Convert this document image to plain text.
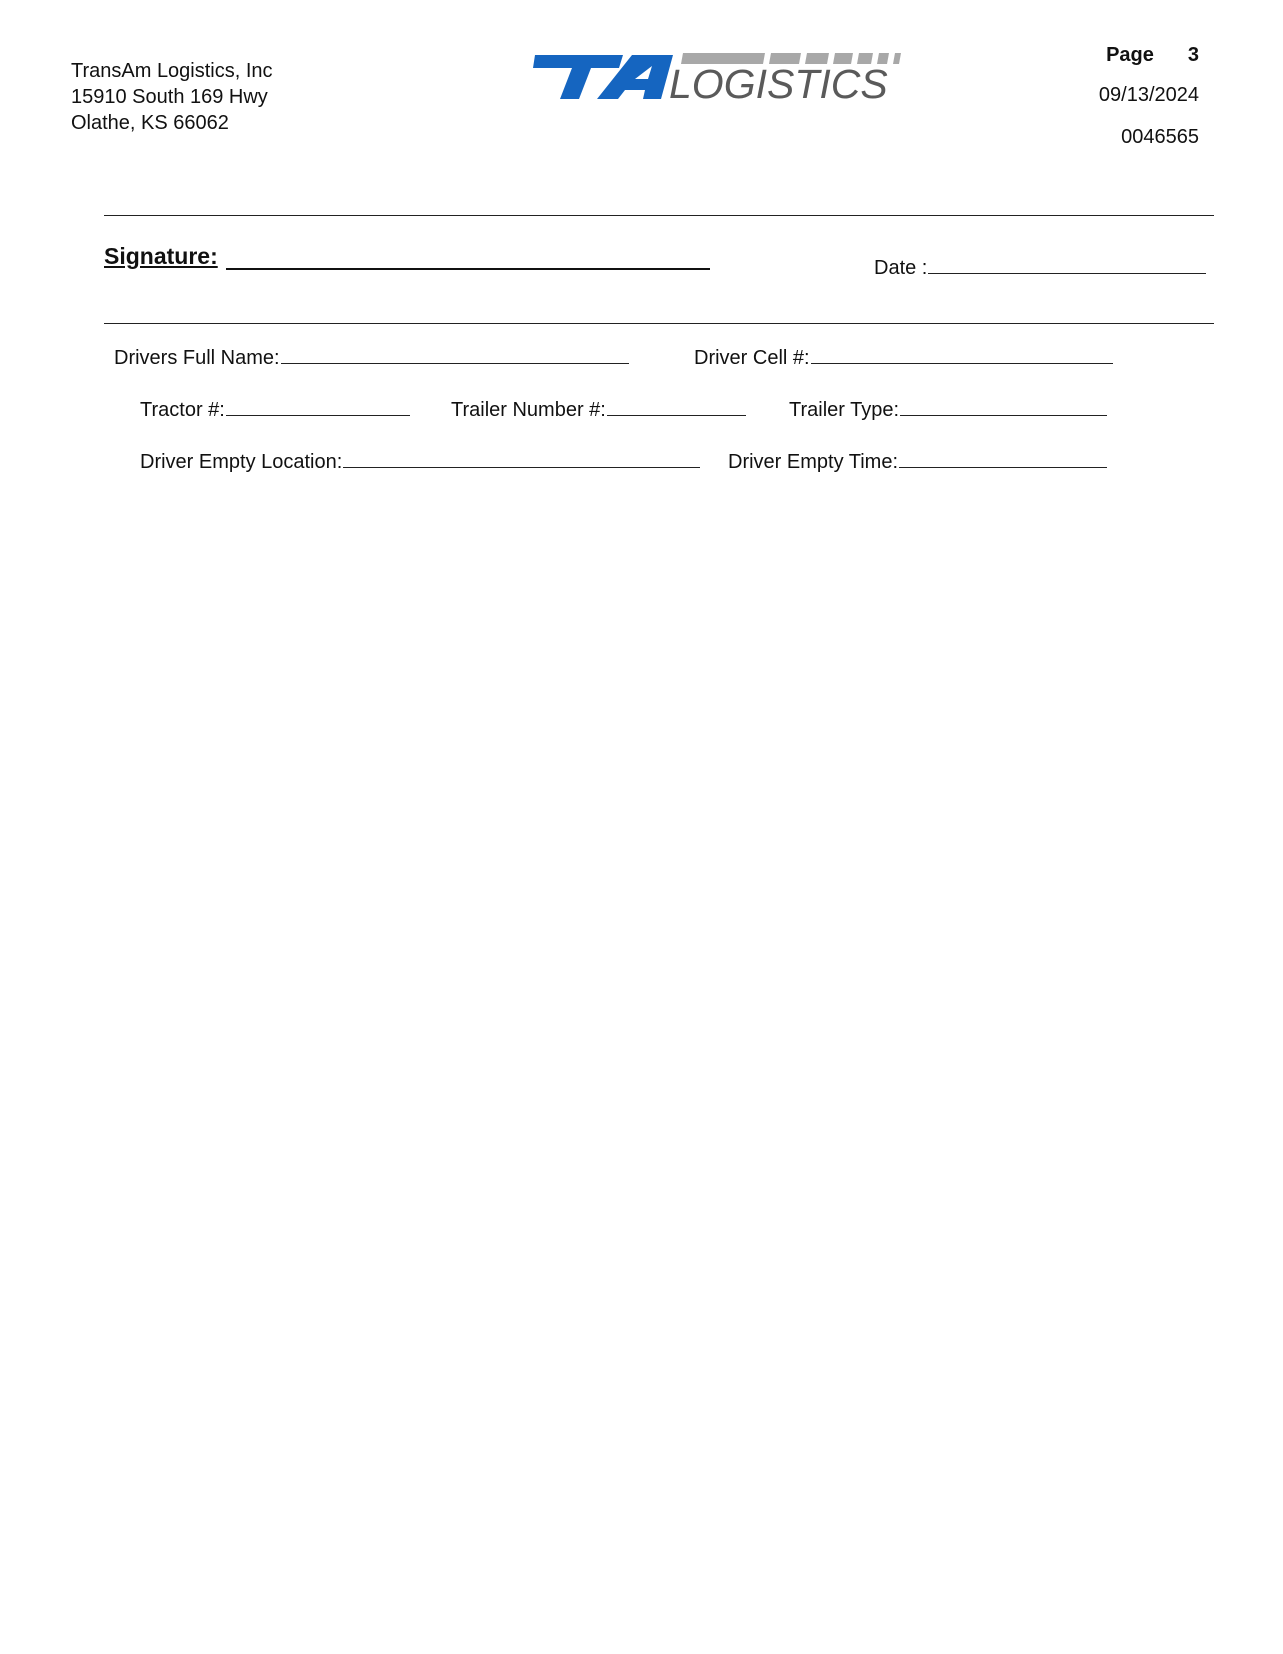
TransAm Logistics, Inc
15910 South 169 Hwy
Olathe, KS 66062
LOGISTICS
Page 3
09/13/2024
0046565
Signature:	Date :
Drivers Full Name:	Driver Cell #:
Tractor #:	Trailer Number #:	Trailer Type:
Driver Empty Location:	Driver Empty Time:
